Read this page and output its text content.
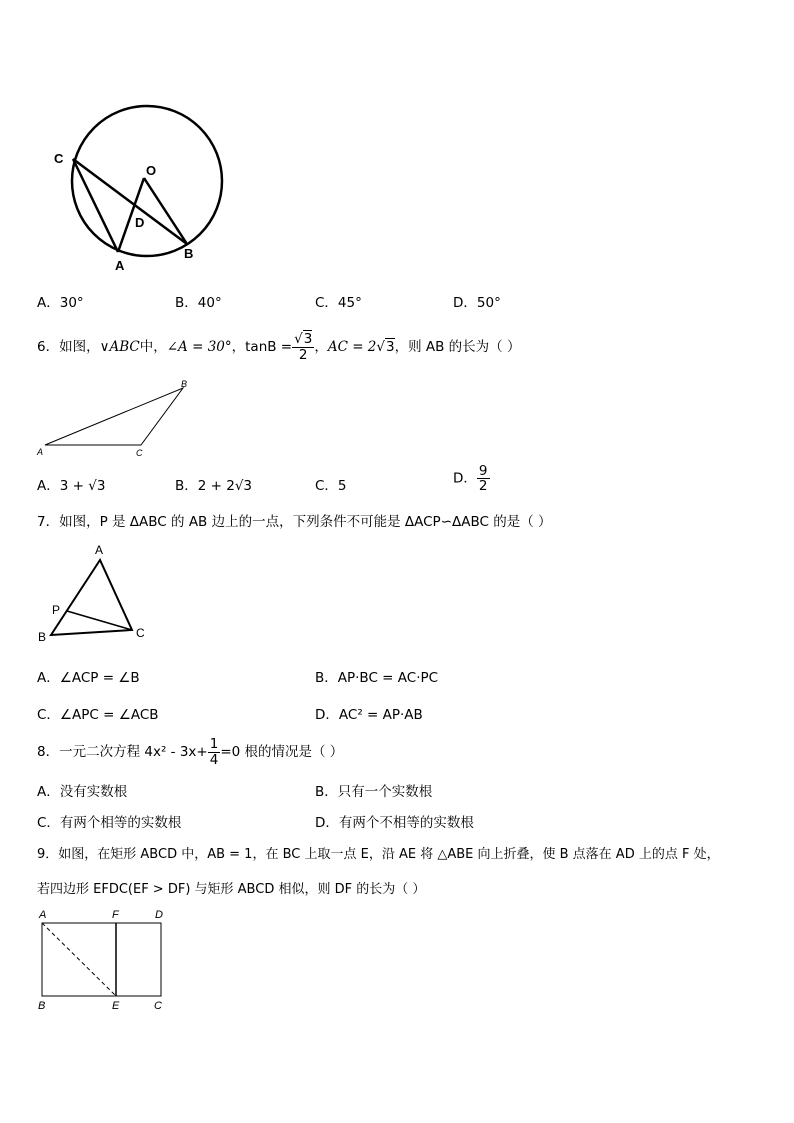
C
O
D
A
B
A．30°	B．40°	C．45°	D．50°
6．如图，∨ABC中，∠A = 30°，$\tan B = \frac{√3}{2}$ ，AC = 2√3，则 AB 的长为（ ）
A
B
C
A．3 + √3	B．2 + 2√3	C．5	D． $\frac{9}{2}$
7．如图，P 是 ΔABC 的 AB 边上的一点，下列条件不可能是 ΔACP∽ΔABC 的是（ ）
A
P
B	C
A．∠ACP = ∠B	B．AP·BC = AC·PC
C．∠APC = ∠ACB	D．AC² = AP·AB
8．一元二次方程 $4x^2 - 3x+ \frac{1}{4} =0$ 根的情况是（ ）
A．没有实数根	B．只有一个实数根
C．有两个相等的实数根	D．有两个不相等的实数根
9．如图，在矩形 ABCD 中，AB = 1，在 BC 上取一点 E，沿 AE 将 △ABE 向上折叠，使 B 点落在 AD 上的点 F 处，
若四边形 EFDC(EF > DF) 与矩形 ABCD 相似，则 DF 的长为（ ）
A	F	D
B	E	C
